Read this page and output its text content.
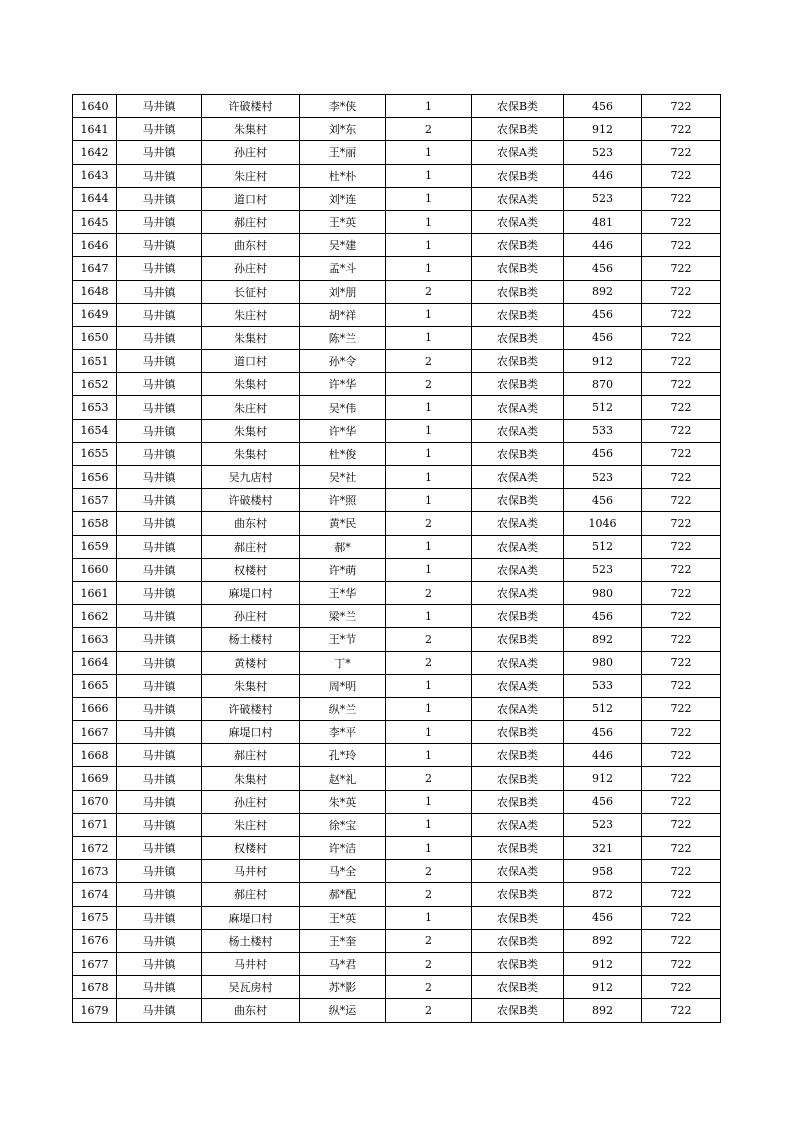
1640	马井镇	许破楼村	李*侠	1	农保B类	456	722
1641	马井镇	朱集村	刘*东	2	农保B类	912	722
1642	马井镇	孙庄村	王*丽	1	农保A类	523	722
1643	马井镇	朱庄村	杜*朴	1	农保B类	446	722
1644	马井镇	道口村	刘*连	1	农保A类	523	722
1645	马井镇	郝庄村	王*英	1	农保A类	481	722
1646	马井镇	曲东村	吴*建	1	农保B类	446	722
1647	马井镇	孙庄村	孟*斗	1	农保B类	456	722
1648	马井镇	长征村	刘*朋	2	农保B类	892	722
1649	马井镇	朱庄村	胡*祥	1	农保B类	456	722
1650	马井镇	朱集村	陈*兰	1	农保B类	456	722
1651	马井镇	道口村	孙*令	2	农保B类	912	722
1652	马井镇	朱集村	许*华	2	农保B类	870	722
1653	马井镇	朱庄村	吴*伟	1	农保A类	512	722
1654	马井镇	朱集村	许*华	1	农保A类	533	722
1655	马井镇	朱集村	杜*俊	1	农保B类	456	722
1656	马井镇	吴九店村	吴*社	1	农保A类	523	722
1657	马井镇	许破楼村	许*照	1	农保B类	456	722
1658	马井镇	曲东村	黄*民	2	农保A类	1046	722
1659	马井镇	郝庄村	郝*	1	农保A类	512	722
1660	马井镇	权楼村	许*萌	1	农保A类	523	722
1661	马井镇	麻堤口村	王*华	2	农保A类	980	722
1662	马井镇	孙庄村	梁*兰	1	农保B类	456	722
1663	马井镇	杨土楼村	王*节	2	农保B类	892	722
1664	马井镇	黄楼村	丁*	2	农保A类	980	722
1665	马井镇	朱集村	周*明	1	农保A类	533	722
1666	马井镇	许破楼村	纵*兰	1	农保A类	512	722
1667	马井镇	麻堤口村	李*平	1	农保B类	456	722
1668	马井镇	郝庄村	孔*玲	1	农保B类	446	722
1669	马井镇	朱集村	赵*礼	2	农保B类	912	722
1670	马井镇	孙庄村	朱*英	1	农保B类	456	722
1671	马井镇	朱庄村	徐*宝	1	农保A类	523	722
1672	马井镇	权楼村	许*洁	1	农保B类	321	722
1673	马井镇	马井村	马*全	2	农保A类	958	722
1674	马井镇	郝庄村	郝*配	2	农保B类	872	722
1675	马井镇	麻堤口村	王*英	1	农保B类	456	722
1676	马井镇	杨土楼村	王*奎	2	农保B类	892	722
1677	马井镇	马井村	马*君	2	农保B类	912	722
1678	马井镇	吴瓦房村	苏*影	2	农保B类	912	722
1679	马井镇	曲东村	纵*运	2	农保B类	892	722
